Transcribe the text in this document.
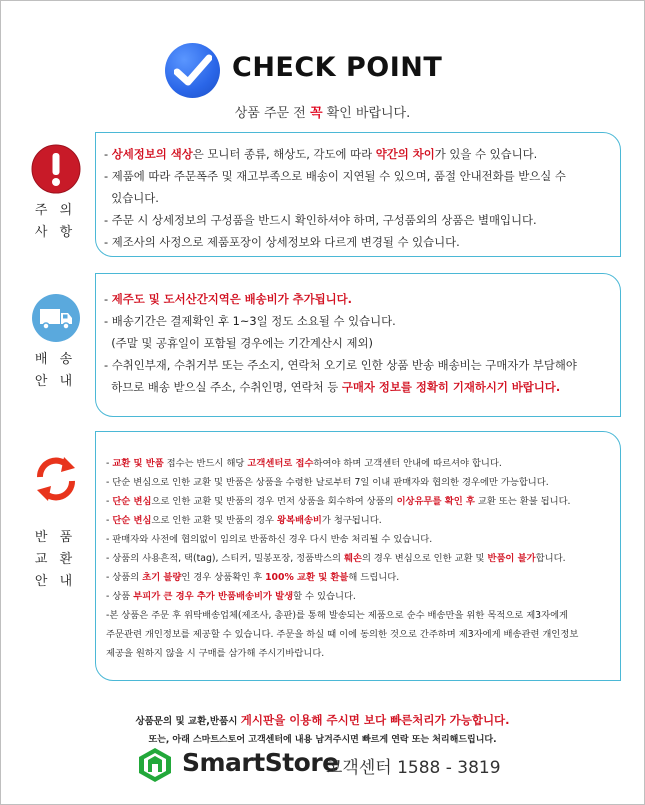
CHECK POINT
상품 주문 전 꼭 확인 바랍니다.
주 의
사 항
- 상세정보의 색상은 모니터 종류, 해상도, 각도에 따라 약간의 차이가 있을 수 있습니다.
- 제품에 따라 주문폭주 및 재고부족으로 배송이 지연될 수 있으며, 품절 안내전화를 받으실 수
있습니다.
- 주문 시 상세정보의 구성품을 반드시 확인하셔야 하며, 구성품외의 상품은 별매입니다.
- 제조사의 사정으로 제품포장이 상세정보와 다르게 변경될 수 있습니다.
배 송
안 내
- 제주도 및 도서산간지역은 배송비가 추가됩니다.
- 배송기간은 결제확인 후 1~3일 정도 소요될 수 있습니다.
(주말 및 공휴일이 포함될 경우에는 기간계산시 제외)
- 수취인부재, 수취거부 또는 주소지, 연락처 오기로 인한 상품 반송 배송비는 구매자가 부담해야
하므로 배송 받으실 주소, 수취인명, 연락처 등 구매자 정보를 정확히 기재하시기 바랍니다.
반 품
교 환
안 내
- 교환 및 반품 접수는 반드시 해당 고객센터로 접수하여야 하며 고객센터 안내에 따르셔야 합니다.
- 단순 변심으로 인한 교환 및 반품은 상품을 수령한 날로부터 7일 이내 판매자와 협의한 경우에만 가능합니다.
- 단순 변심으로 인한 교환 및 반품의 경우 먼저 상품을 회수하여 상품의 이상유무를 확인 후 교환 또는 환불 됩니다.
- 단순 변심으로 인한 교환 및 반품의 경우 왕복배송비가 청구됩니다.
- 판매자와 사전에 협의없이 임의로 반품하신 경우 다시 반송 처리될 수 있습니다.
- 상품의 사용흔적, 택(tag), 스티커, 밀봉포장, 정품박스의 훼손의 경우 변심으로 인한 교환 및 반품이 불가합니다.
- 상품의 초기 불량인 경우 상품확인 후 100% 교환 및 환불해 드립니다.
- 상품 부피가 큰 경우 추가 반품배송비가 발생할 수 있습니다.
-본 상품은 주문 후 위탁배송업체(제조사, 총판)를 통해 발송되는 제품으로 순수 배송만을 위한 목적으로 제3자에게
주문관련 개인정보를 제공할 수 있습니다. 주문을 하실 때 이에 동의한 것으로 간주하며 제3자에게 배송관련 개인정보
제공을 원하지 않을 시 구매를 삼가해 주시기바랍니다.
상품문의 및 교환,반품시 게시판을 이용해 주시면 보다 빠른처리가 가능합니다.
또는, 아래 스마트스토어 고객센터에 내용 남겨주시면 빠르게 연락 또는 처리해드립니다.
SmartStore
고객센터 1588 - 3819
